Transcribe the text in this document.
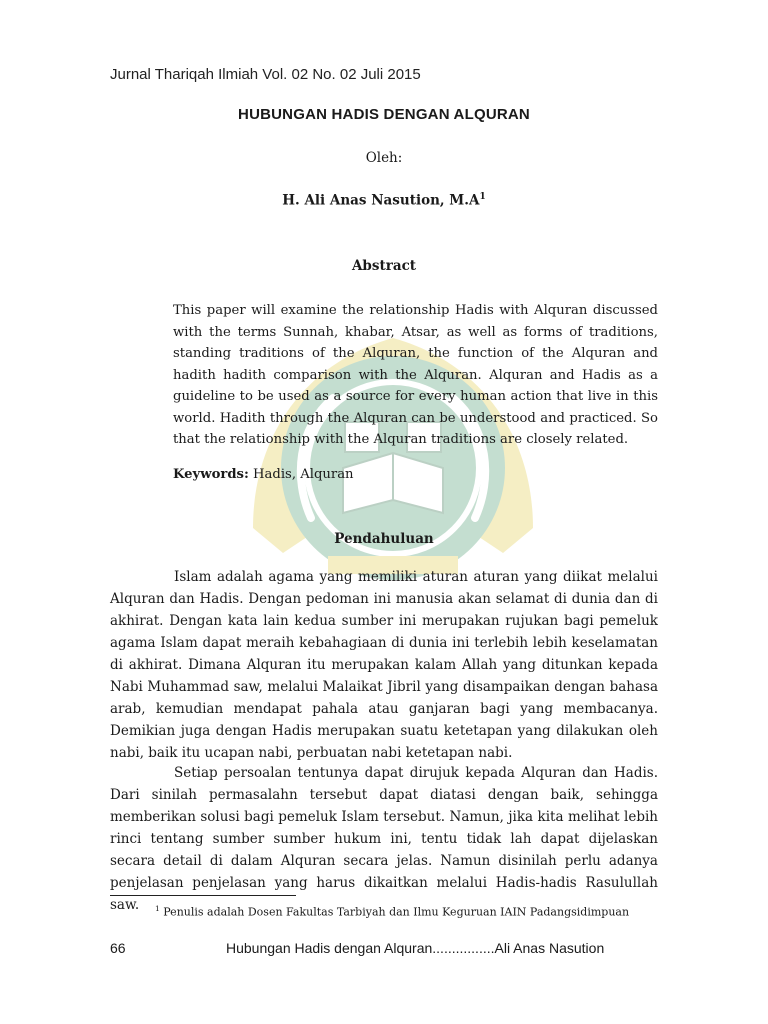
Jurnal Thariqah Ilmiah Vol. 02 No. 02 Juli 2015
HUBUNGAN HADIS DENGAN ALQURAN
Oleh:
H. Ali Anas Nasution, $M.A^1$
Abstract

This paper will examine the relationship Hadis with Alquran discussed with the terms Sunnah, khabar, Atsar, as well as forms of traditions, standing traditions of the Alquran, the function of the Alquran and hadith hadith comparison with the Alquran. Alquran and Hadis as a guideline to be used as a source for every human action that live in this world. Hadith through the Alquran can be understood and practiced. So that the relationship with the Alquran traditions are closely related.

Keywords: Hadis, Alquran
Pendahuluan

Islam adalah agama yang memiliki aturan aturan yang diikat melalui Alquran dan Hadis. Dengan pedoman ini manusia akan selamat di dunia dan di akhirat. Dengan kata lain kedua sumber ini merupakan rujukan bagi pemeluk agama Islam dapat meraih kebahagiaan di dunia ini terlebih lebih keselamatan di akhirat. Dimana Alquran itu merupakan kalam Allah yang ditunkan kepada Nabi Muhammad saw, melalui Malaikat Jibril yang disampaikan dengan bahasa arab, kemudian mendapat pahala atau ganjaran bagi yang membacanya. Demikian juga dengan Hadis merupakan suatu ketetapan yang dilakukan oleh nabi, baik itu ucapan nabi, perbuatan nabi ketetapan nabi.

Setiap persoalan tentunya dapat dirujuk kepada Alquran dan Hadis. Dari sinilah permasalahn tersebut dapat diatasi dengan baik, sehingga memberikan solusi bagi pemeluk Islam tersebut. Namun, jika kita melihat lebih rinci tentang sumber sumber hukum ini, tentu tidak lah dapat dijelaskan secara detail di dalam Alquran secara jelas. Namun disinilah perlu adanya penjelasan penjelasan yang harus dikaitkan melalui Hadis-hadis Rasulullah saw.	$^1$ Penulis adalah Dosen Fakultas Tarbiyah dan Ilmu Keguruan IAIN Padangsidimpuan
66	Hubungan Hadis dengan Alquran................Ali Anas Nasution
